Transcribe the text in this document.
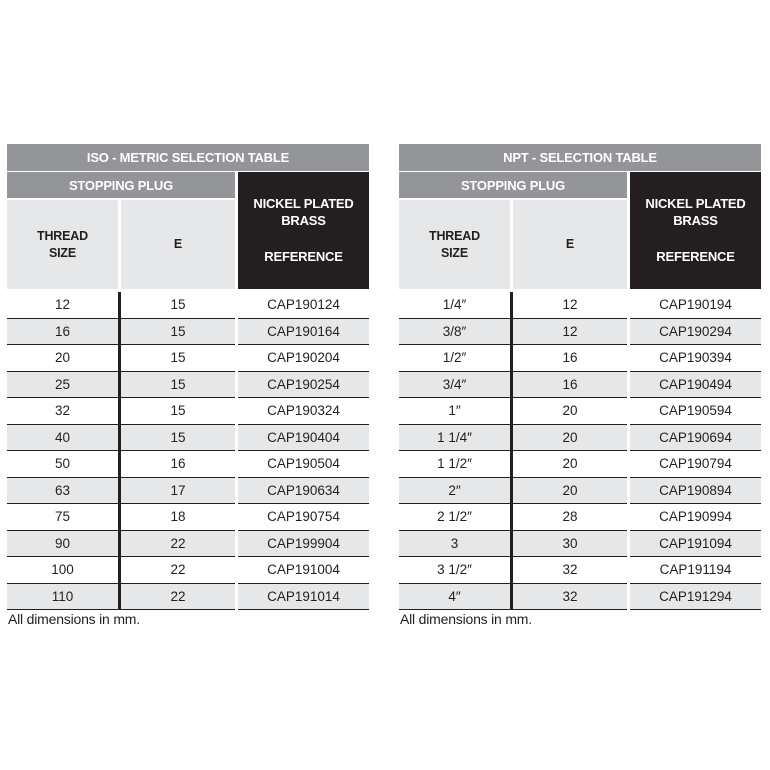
ISO - METRIC SELECTION TABLE
STOPPING PLUG
THREAD
SIZE
E
NICKEL PLATED
BRASS
REFERENCE
12	15	CAP190124
16	15	CAP190164
20	15	CAP190204
25	15	CAP190254
32	15	CAP190324
40	15	CAP190404
50	16	CAP190504
63	17	CAP190634
75	18	CAP190754
90	22	CAP199904
100	22	CAP191004
110	22	CAP191014
All dimensions in mm.
NPT - SELECTION TABLE
STOPPING PLUG
THREAD
SIZE
E
NICKEL PLATED
BRASS
REFERENCE
1/4″	12	CAP190194
3/8″	12	CAP190294
1/2″	16	CAP190394
3/4″	16	CAP190494
1″	20	CAP190594
1 1/4″	20	CAP190694
1 1/2″	20	CAP190794
2″	20	CAP190894
2 1/2″	28	CAP190994
3	30	CAP191094
3 1/2″	32	CAP191194
4″	32	CAP191294
All dimensions in mm.
